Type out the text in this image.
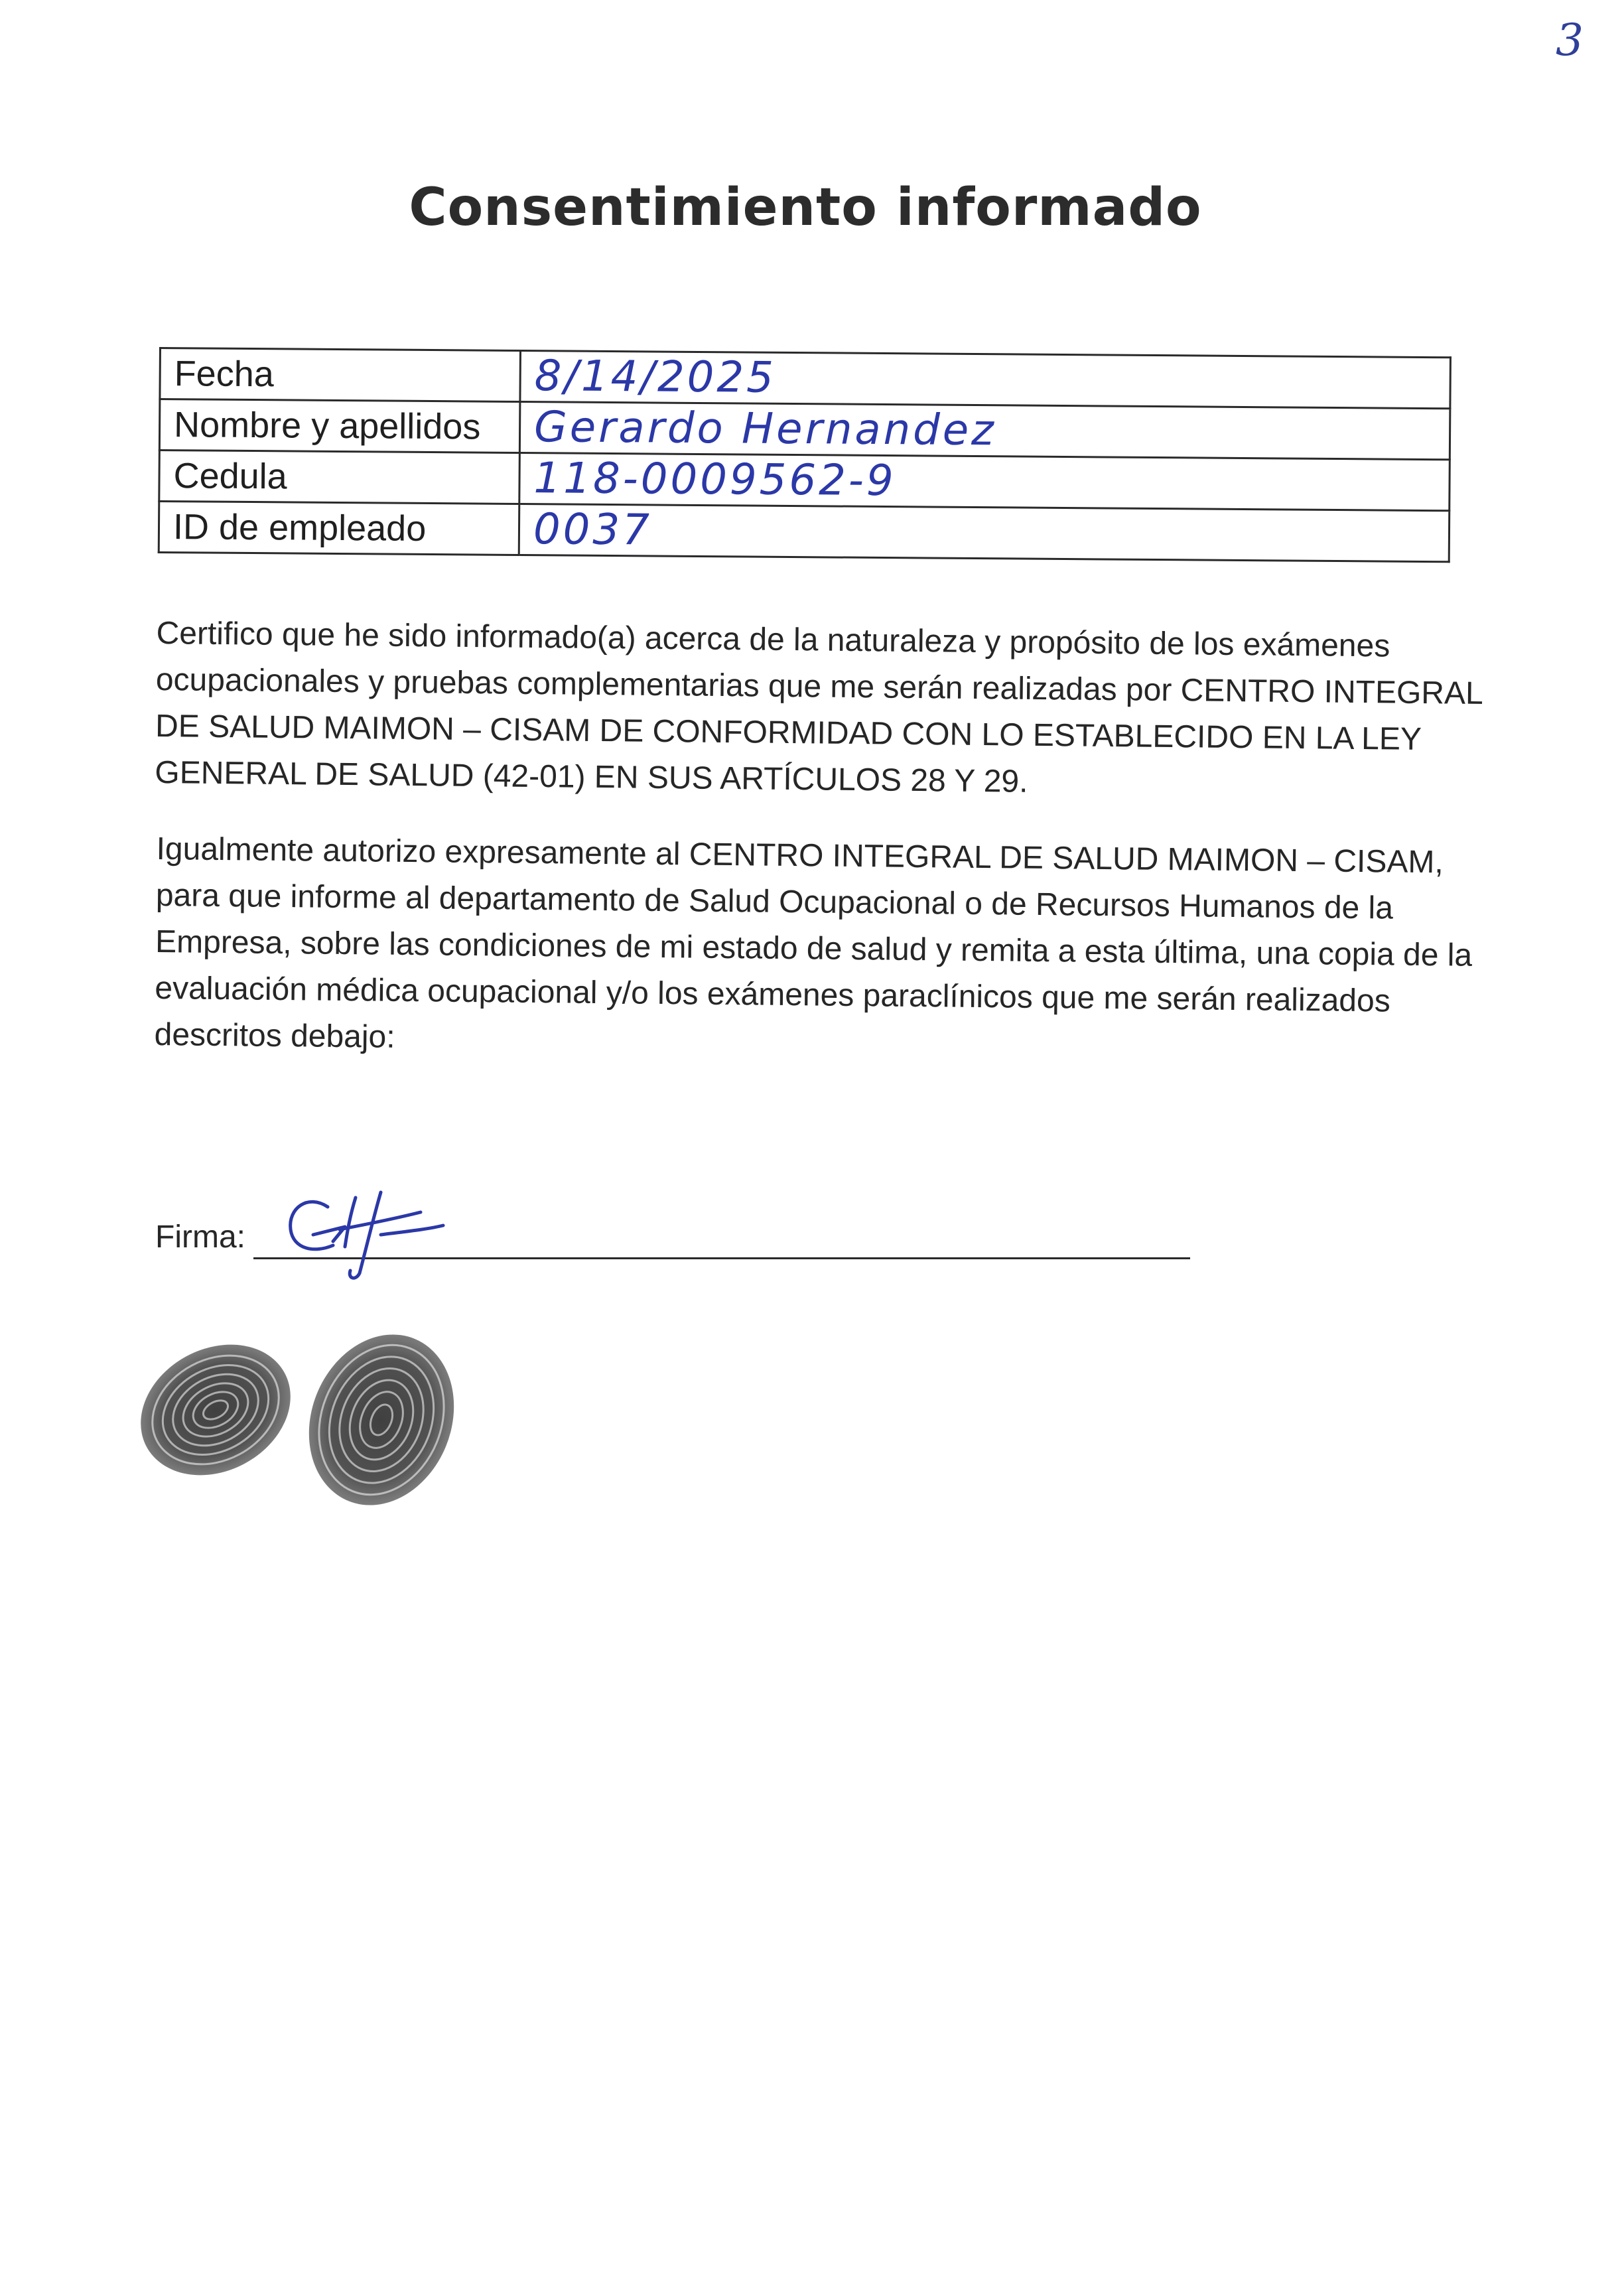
3
Consentimiento informado
Fecha	8/14/2025
Nombre y apellidos	Gerardo Hernandez
Cedula	118-0009562-9
ID de empleado	0037

Certifico que he sido informado(a) acerca de la naturaleza y propósito de los exámenes ocupacionales y pruebas complementarias que me serán realizadas por CENTRO INTEGRAL DE SALUD MAIMON – CISAM DE CONFORMIDAD CON LO ESTABLECIDO EN LA LEY GENERAL DE SALUD (42-01) EN SUS ARTÍCULOS 28 Y 29.

Igualmente autorizo expresamente al CENTRO INTEGRAL DE SALUD MAIMON – CISAM, para que informe al departamento de Salud Ocupacional o de Recursos Humanos de la Empresa, sobre las condiciones de mi estado de salud y remita a esta última, una copia de la evaluación médica ocupacional y/o los exámenes paraclínicos que me serán realizados descritos debajo:

Firma:
